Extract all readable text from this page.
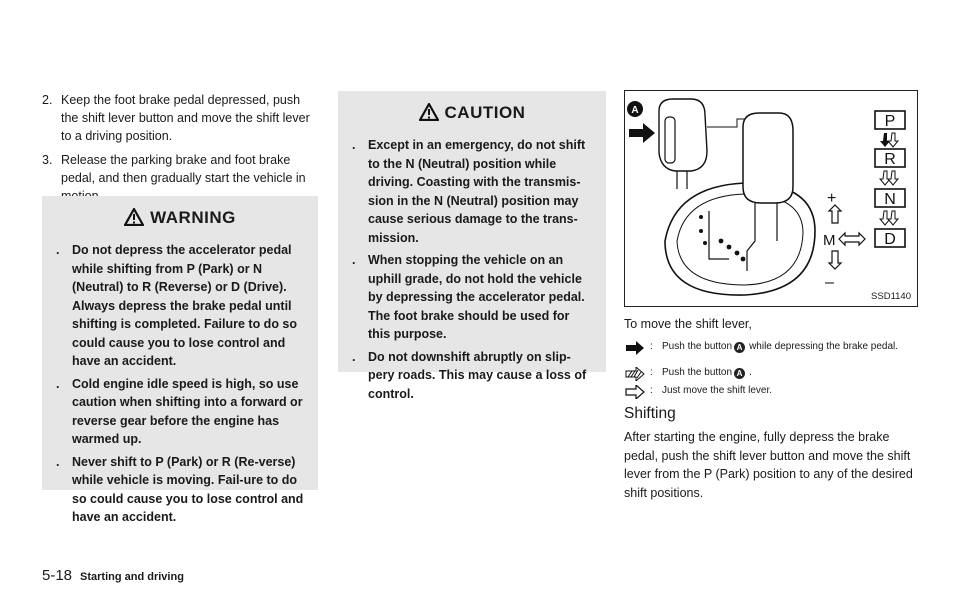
2. Keep the foot brake pedal depressed, push the shift lever button and move the shift lever to a driving position.
3. Release the parking brake and foot brake pedal, and then gradually start the vehicle in
WARNING
. Do not depress the accelerator pedal while shifting from P (Park) or N (Neutral) to R (Reverse) or D (Drive). Always depress the brake pedal until shifting is completed. Failure to do so could cause you to lose control and have an accident.
. Cold engine idle speed is high, so use caution when shifting into a forward or reverse gear before the engine has warmed up.
. Never shift to P (Park) or R (Re-verse) while vehicle is moving. Fail-ure to do so could cause you to lose control and have an accident.
CAUTION
. Except in an emergency, do not shift to the N (Neutral) position while driving. Coasting with the transmis-sion in the N (Neutral) position may cause serious damage to the trans-mission.
. When stopping the vehicle on an uphill grade, do not hold the vehicle by depressing the accelerator pedal. The foot brake should be used for this purpose.
. Do not downshift abruptly on slip-pery roads. This may cause a loss of control.
A
+
M
–
P
R
N
D
SSD1140
To move the shift lever,
: Push the button A while depressing the brake pedal.
: Push the button A .
: Just move the shift lever.
Shifting
After starting the engine, fully depress the brake pedal, push the shift lever button and move the shift lever from the P (Park) position to any of the desired shift positions.
5-18 Starting and driving
